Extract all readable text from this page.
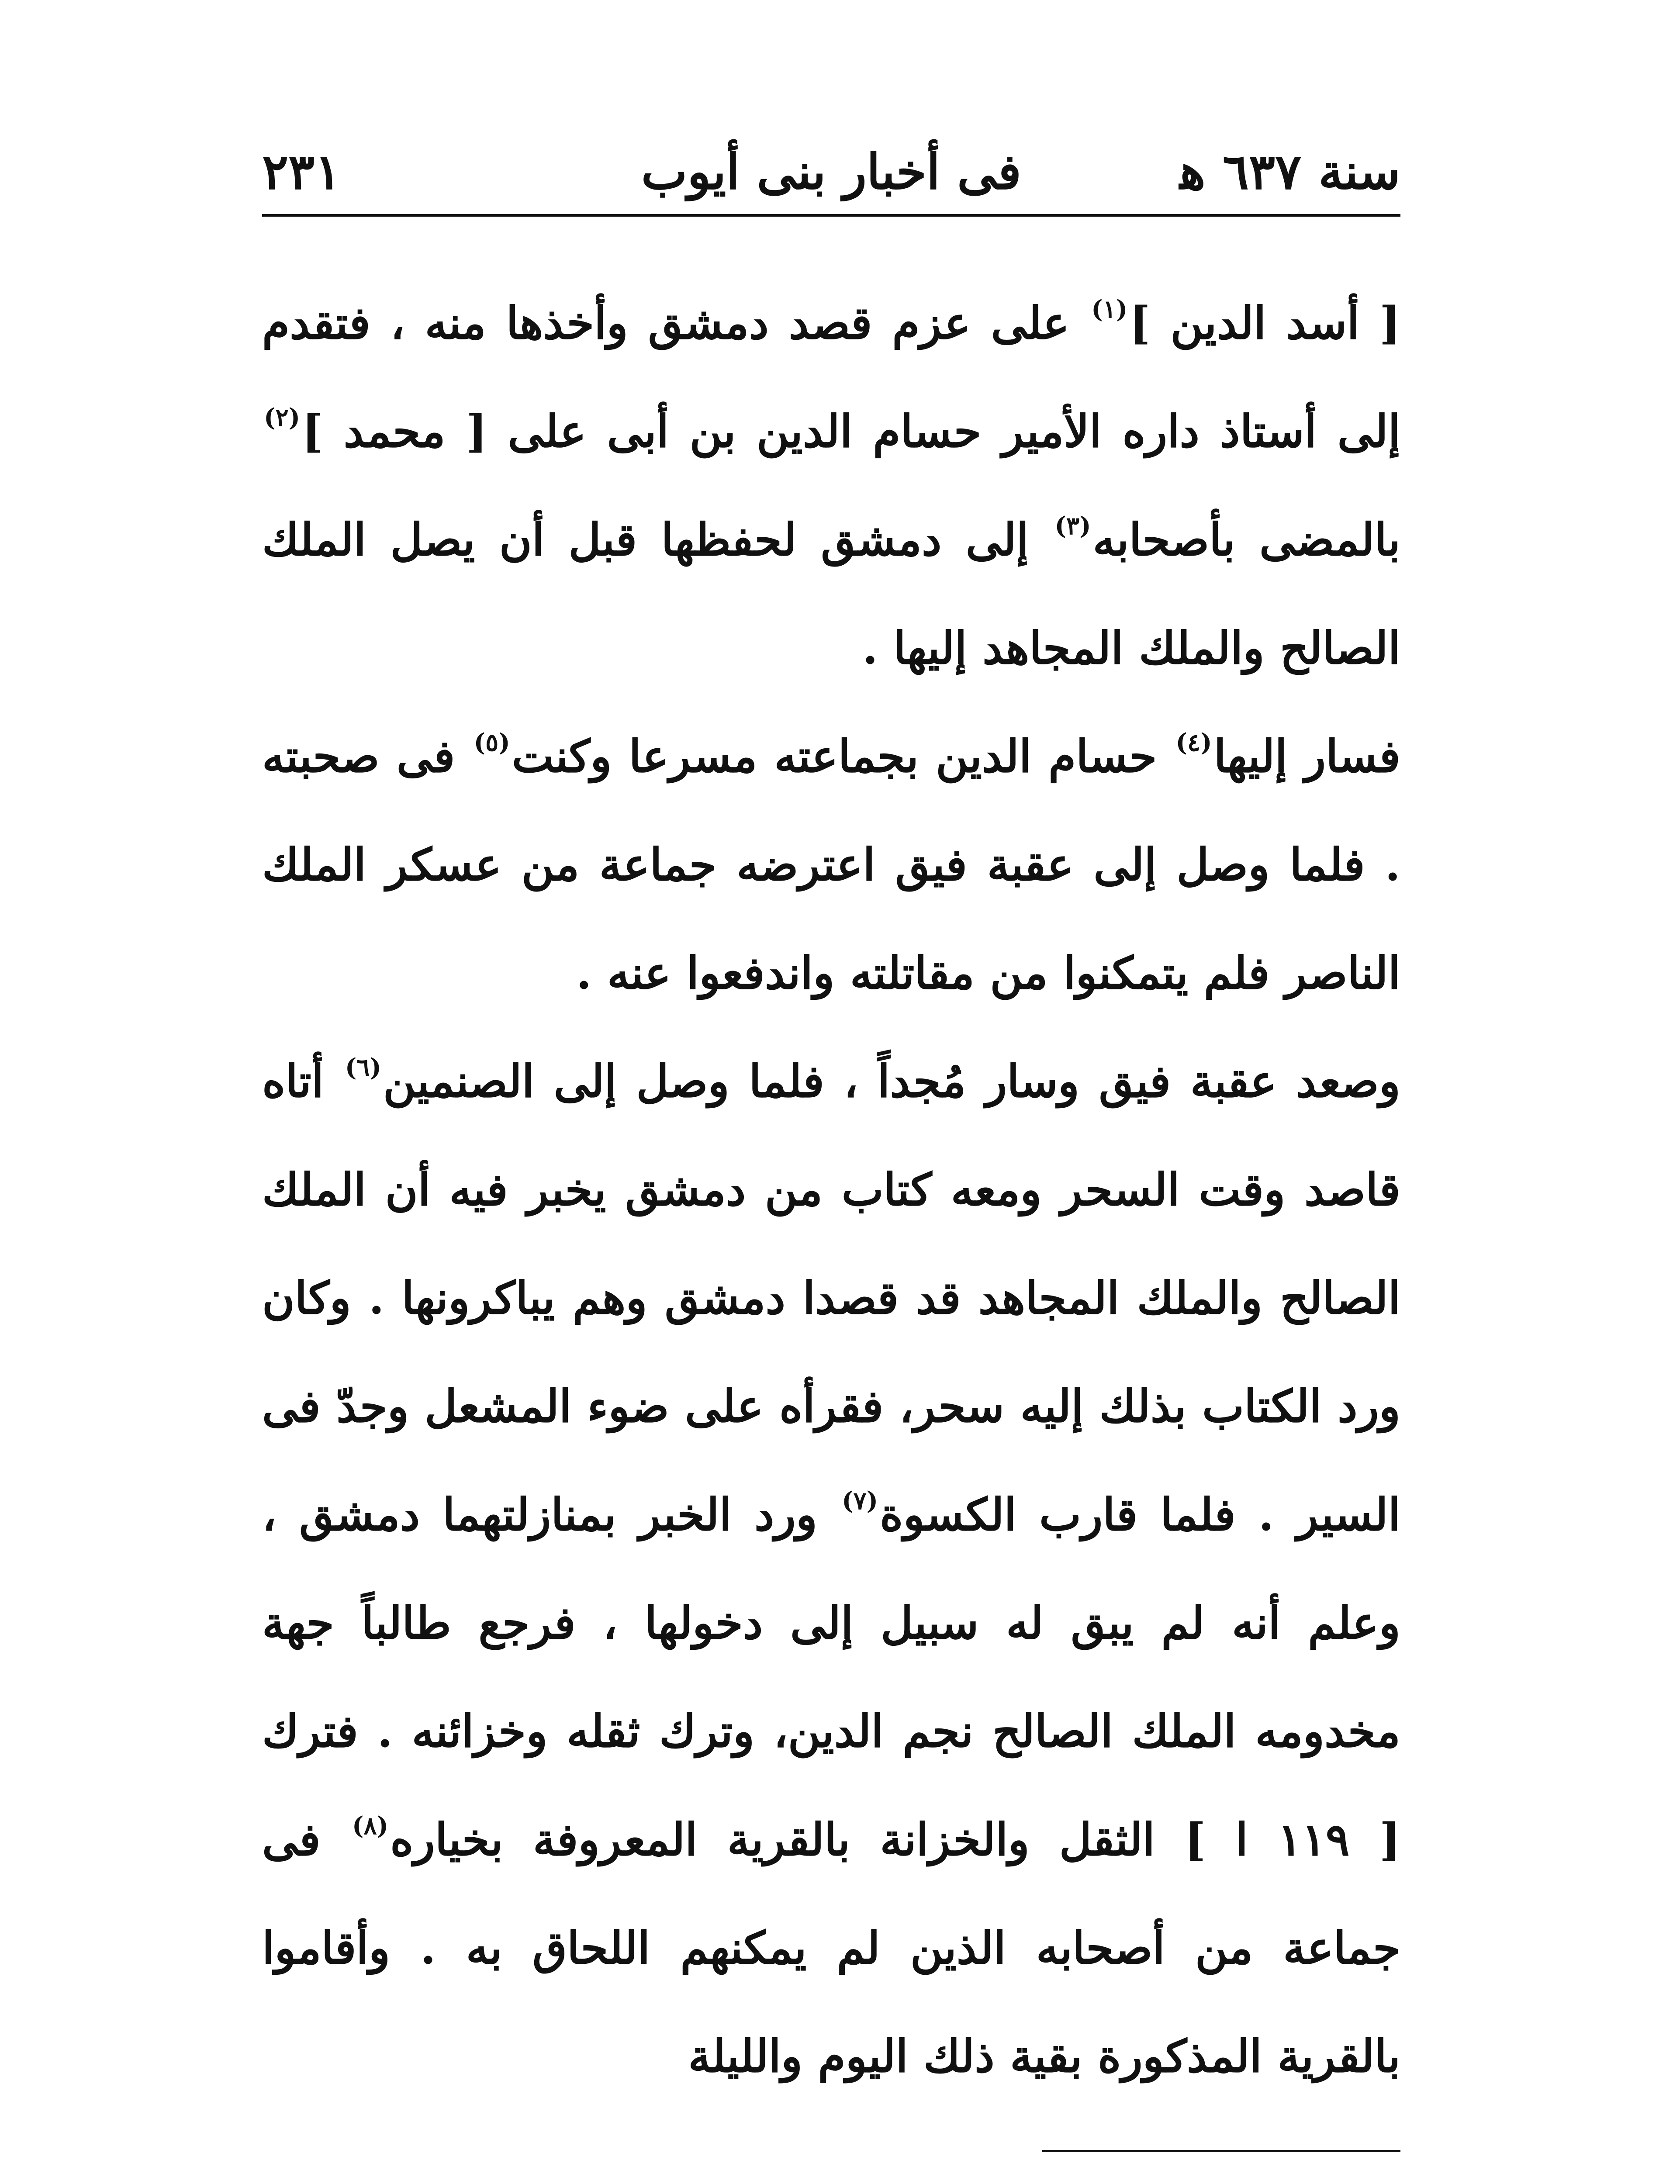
سنة ٦٣٧ ﻫ
فى أخبار بنى أيوب
٢٣١

[ أسد الدين ]$^{(١)}$ على عزم قصد دمشق وأخذها منه ، فتقدم إلى أستاذ داره الأمير حسام الدين بن أبى على [ محمد ]$^{(٢)}$ بالمضى بأصحابه$^{(٣)}$ إلى دمشق لحفظها قبل أن يصل الملك الصالح والملك المجاهد إليها .

فسار إليها$^{(٤)}$ حسام الدين بجماعته مسرعا وكنت$^{(٥)}$ فى صحبته . فلما وصل إلى عقبة فيق اعترضه جماعة من عسكر الملك الناصر فلم يتمكنوا من مقاتلته واندفعوا عنه .

وصعد عقبة فيق وسار مُجداً ، فلما وصل إلى الصنمين$^{(٦)}$ أتاه قاصد وقت السحر ومعه كتاب من دمشق يخبر فيه أن الملك الصالح والملك المجاهد قد قصدا دمشق وهم يباكرونها . وكان ورد الكتاب بذلك إليه سحر، فقرأه على ضوء المشعل وجدّ فى السير . فلما قارب الكسوة$^{(٧)}$ ورد الخبر بمنازلتهما دمشق ، وعلم أنه لم يبق له سبيل إلى دخولها ، فرجع طالباً جهة مخدومه الملك الصالح نجم الدين، وترك ثقله وخزائنه . فترك [ ١١٩ ا ] الثقل والخزانة بالقرية المعروفة بخياره$^{(٨)}$ فى جماعة من أصحابه الذين لم يمكنهم اللحاق به . وأقاموا بالقرية المذكورة بقية ذلك اليوم والليلة
